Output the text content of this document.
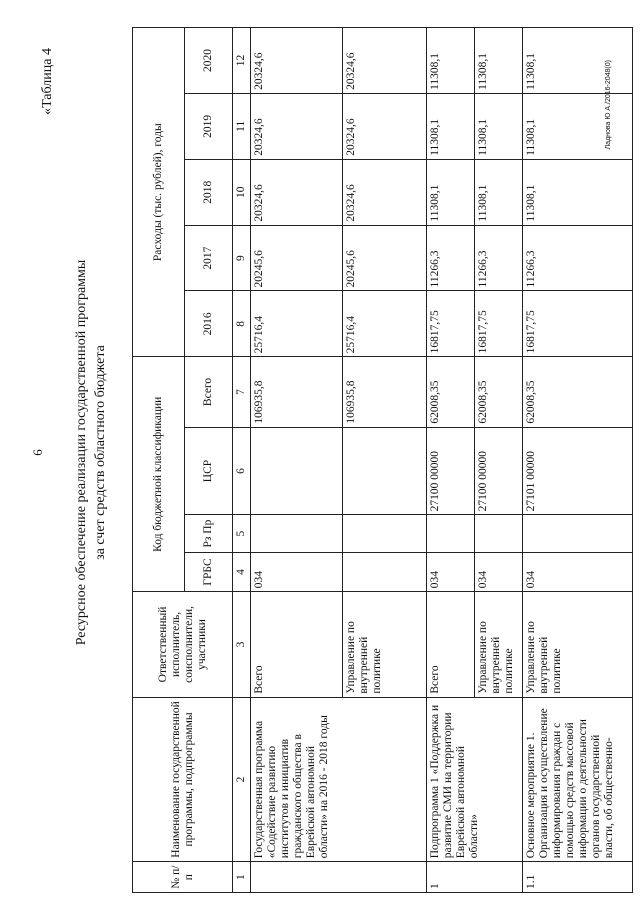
6
«Таблица 4
Ресурсное обеспечение реализации государственной программы за счет средств областного бюджета
№ п/п	Наименование государственной программы, подпрограммы	Ответственный исполнитель, соисполнители, участники	Код бюджетной классификации				Расходы (тыс. рублей), годы				
			ГРБС	Рз Пр	ЦСР	Всего	2016	2017	2018	2019	2020
1	2	3	4	5	6	7	8	9	10	11	12
	Государственная программа «Содействие развитию институтов и инициатив гражданского общества в Еврейской автономной области» на 2016 - 2018 годы	Всего	034			106935,8	25716,4	20245,6	20324,6	20324,6	20324,6
		Управление по внутренней политике				106935,8	25716,4	20245,6	20324,6	20324,6	20324,6
1	Подпрограмма 1 «Поддержка и развитие СМИ на территории Еврейской автономной области»	Всего	034		27100 00000	62008,35	16817,75	11266,3	11308,1	11308,1	11308,1
		Управление по внутренней политике	034		27100 00000	62008,35	16817,75	11266,3	11308,1	11308,1	11308,1
1.1	Основное мероприятие 1. Организация и осуществление информирования граждан с помощью средств массовой информации о деятельности органов государственной власти, об общественно-	Управление по внутренней политике	034		27101 00000	62008,35	16817,75	11266,3	11308,1	11308,1	11308,1	Ладнова Ю А./2016-2048(0)
